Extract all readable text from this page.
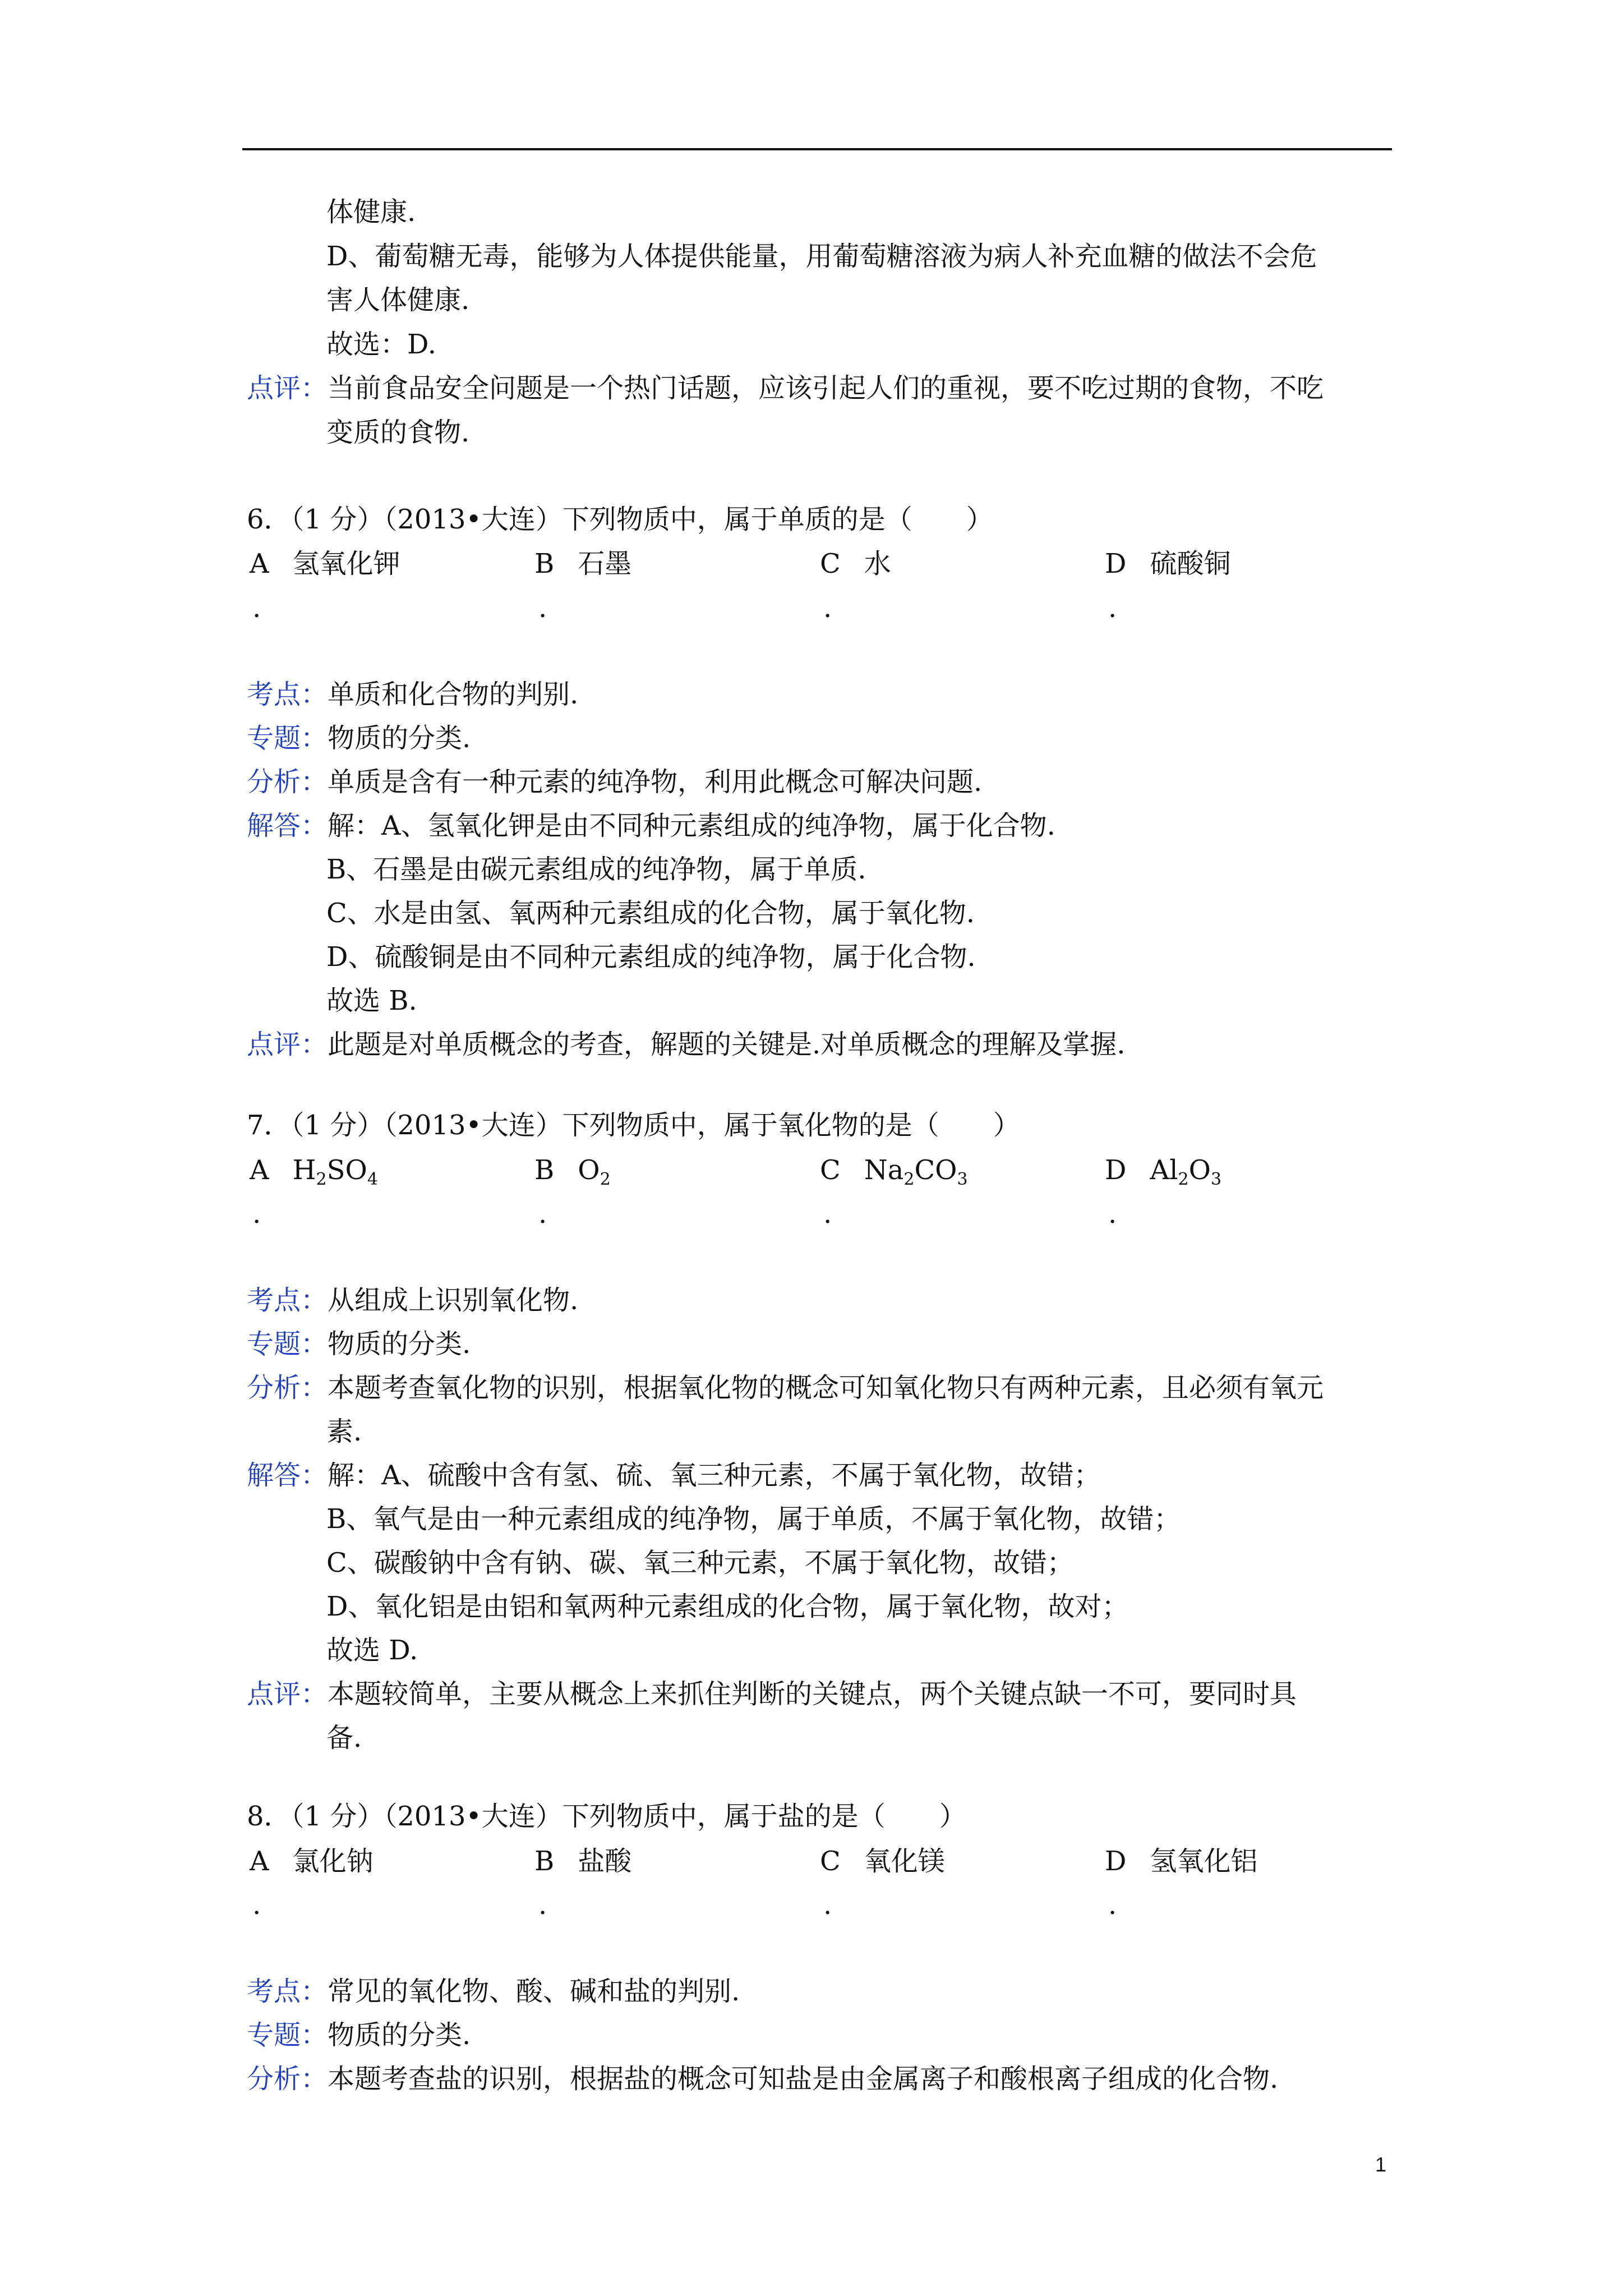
体健康.
D、葡萄糖无毒，能够为人体提供能量，用葡萄糖溶液为病人补充血糖的做法不会危
害人体健康.
故选：D.
点评：当前食品安全问题是一个热门话题，应该引起人们的重视，要不吃过期的食物，不吃
变质的食物.
6．（1 分）（2013•大连）下列物质中，属于单质的是（　　）
A 氢氧化钾	B 石墨	C 水	D 硫酸铜
.	.	.	.
考点：单质和化合物的判别.
专题：物质的分类.
分析：单质是含有一种元素的纯净物，利用此概念可解决问题.
解答：解：A、氢氧化钾是由不同种元素组成的纯净物，属于化合物.
B、石墨是由碳元素组成的纯净物，属于单质.
C、水是由氢、氧两种元素组成的化合物，属于氧化物.
D、硫酸铜是由不同种元素组成的纯净物，属于化合物.
故选 B.
点评：此题是对单质概念的考查，解题的关键是.对单质概念的理解及掌握.
7．（1 分）（2013•大连）下列物质中，属于氧化物的是（　　）
A $H_2SO_4$	B $O_2$	C $Na_2CO_3$	D $Al_2O_3$
.	.	.	.
考点：从组成上识别氧化物.
专题：物质的分类.
分析：本题考查氧化物的识别，根据氧化物的概念可知氧化物只有两种元素，且必须有氧元
素.
解答：解：A、硫酸中含有氢、硫、氧三种元素，不属于氧化物，故错；
B、氧气是由一种元素组成的纯净物，属于单质，不属于氧化物，故错；
C、碳酸钠中含有钠、碳、氧三种元素，不属于氧化物，故错；
D、氧化铝是由铝和氧两种元素组成的化合物，属于氧化物，故对；
故选 D.
点评：本题较简单，主要从概念上来抓住判断的关键点，两个关键点缺一不可，要同时具
备.
8．（1 分）（2013•大连）下列物质中，属于盐的是（　　）
A 氯化钠	B 盐酸	C 氧化镁	D 氢氧化铝
.	.	.	.
考点：常见的氧化物、酸、碱和盐的判别.
专题：物质的分类.
分析：本题考查盐的识别，根据盐的概念可知盐是由金属离子和酸根离子组成的化合物.
1
